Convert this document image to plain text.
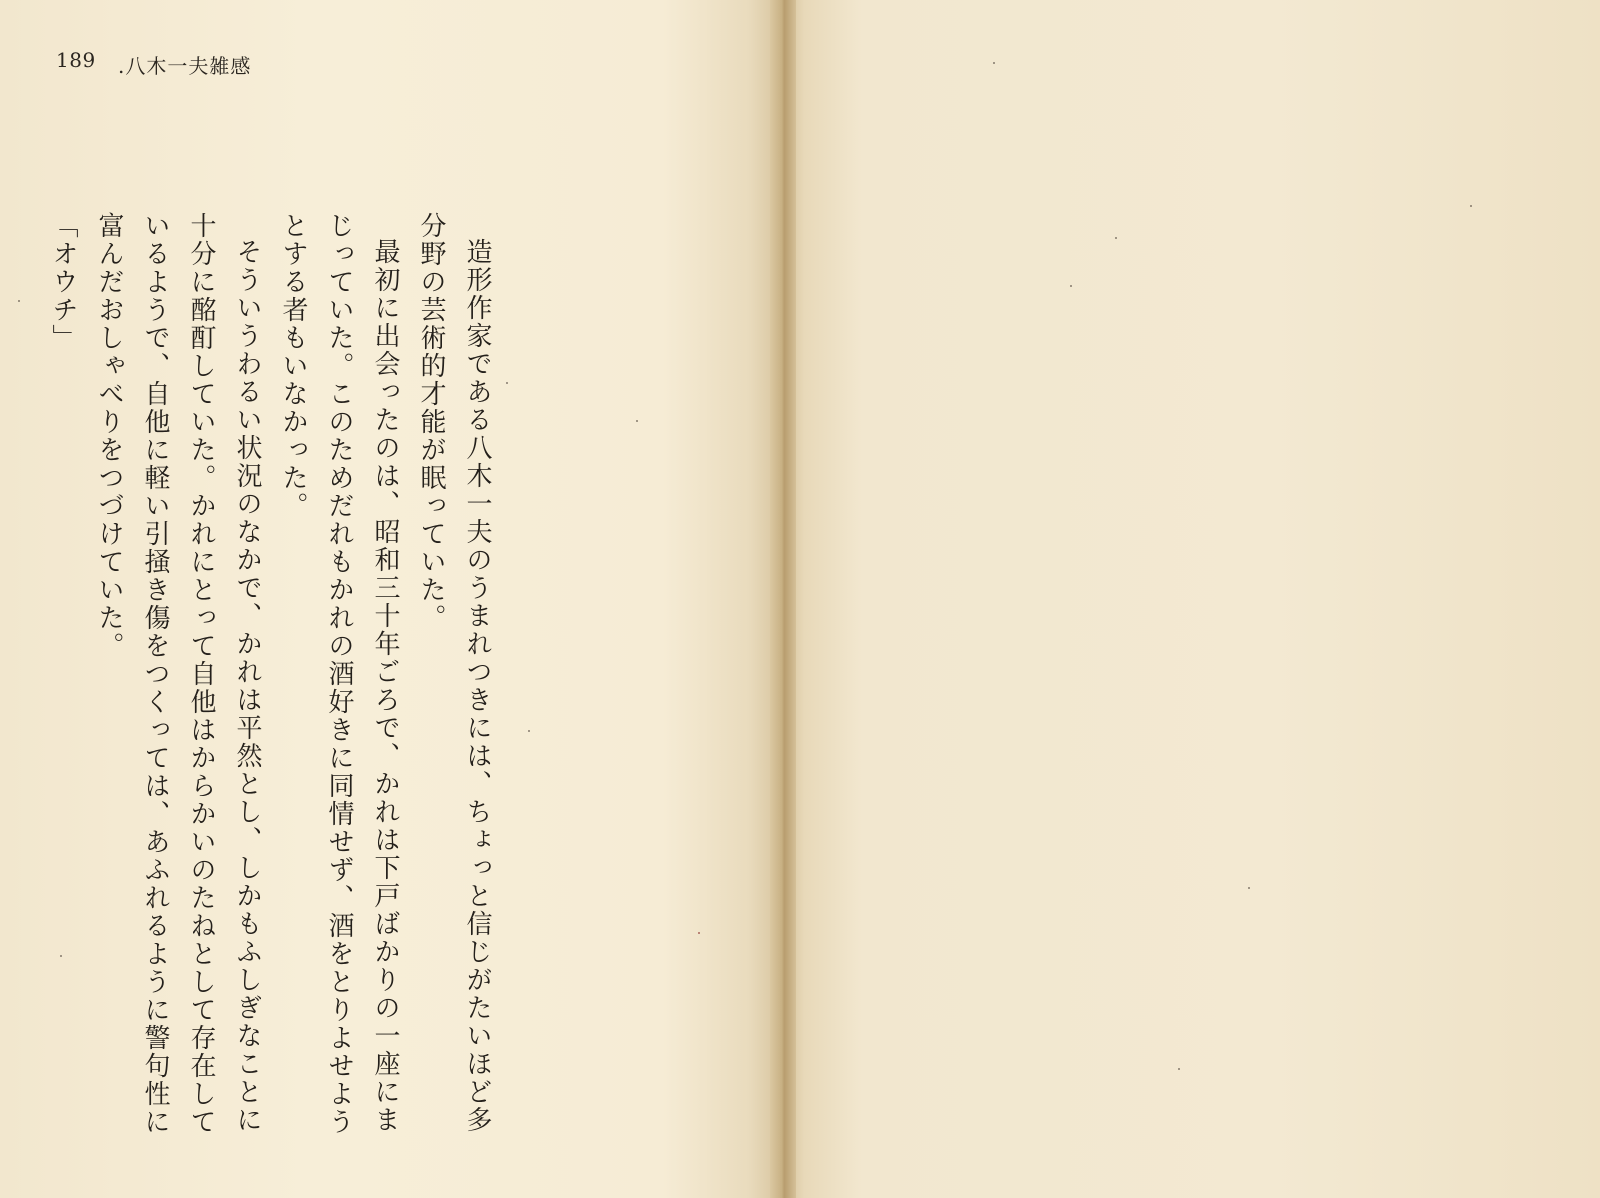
189 .八木一夫雑感

造形作家である八木一夫のうまれつきには、ちょっと信じがたいほど多分野の芸術的才能が眠っていた。

最初に出会ったのは、昭和三十年ごろで、かれは下戸ばかりの一座にまじっていた。このためだれもかれの酒好きに同情せず、酒をとりよせようとする者もいなかった。

そういうわるい状況のなかで、かれは平然とし、しかもふしぎなことに十分に酩酊していた。かれにとって自他はからかいのたねとして存在しているようで、自他に軽い引掻き傷をつくっては、あふれるように警句性に富んだおしゃべりをつづけていた。

「オウチ」
